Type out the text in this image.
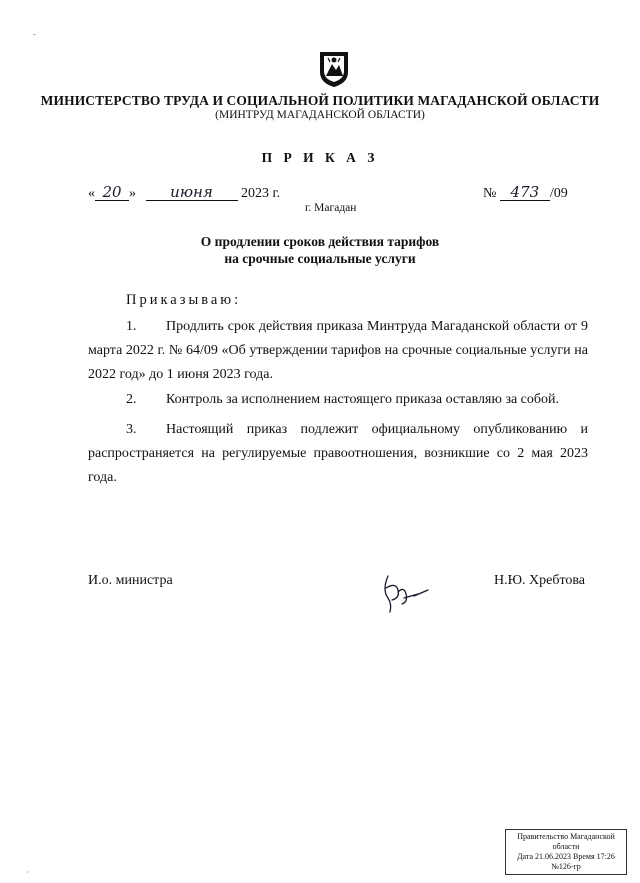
-
МИНИСТЕРСТВО ТРУДА И СОЦИАЛЬНОЙ ПОЛИТИКИ МАГАДАНСКОЙ ОБЛАСТИ
(МИНТРУД МАГАДАНСКОЙ ОБЛАСТИ)
П Р И К А З
« 20 » июня 2023 г.	№ 473 /09
г. Магадан
О продлении сроков действия тарифов
на срочные социальные услуги
Приказываю:

1. Продлить срок действия приказа Минтруда Магаданской области от 9 марта 2022 г. № 64/09 «Об утверждении тарифов на срочные социальные услуги на 2022 год» до 1 июня 2023 года.

2. Контроль за исполнением настоящего приказа оставляю за собой.

3. Настоящий приказ подлежит официальному опубликованию и распространяется на регулируемые правоотношения, возникшие со 2 мая 2023 года.

И.о. министра	Н.Ю. Хребтова
Правительство Магаданской
области
Дата 21.06.2023 Время 17:26
№126-гр
·
